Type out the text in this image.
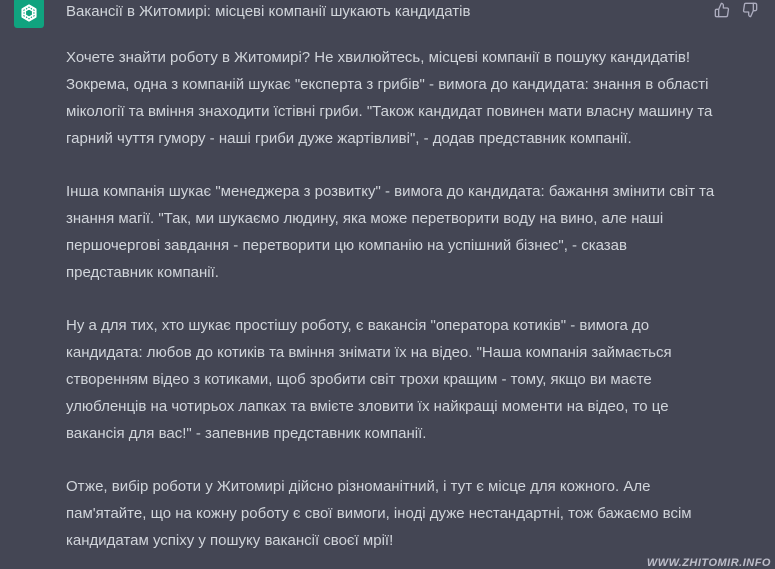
Вакансії в Житомирі: місцеві компанії шукають кандидатів

Хочете знайти роботу в Житомирі? Не хвилюйтесь, місцеві компанії в пошуку кандидатів! Зокрема, одна з компаній шукає "експерта з грибів" - вимога до кандидата: знання в області мікології та вміння знаходити їстівні гриби. "Також кандидат повинен мати власну машину та гарний чуття гумору - наші гриби дуже жартівливі", - додав представник компанії.

Інша компанія шукає "менеджера з розвитку" - вимога до кандидата: бажання змінити світ та знання магії. "Так, ми шукаємо людину, яка може перетворити воду на вино, але наші першочергові завдання - перетворити цю компанію на успішний бізнес", - сказав представник компанії.

Ну а для тих, хто шукає простішу роботу, є вакансія "оператора котиків" - вимога до кандидата: любов до котиків та вміння знімати їх на відео. "Наша компанія займається створенням відео з котиками, щоб зробити світ трохи кращим - тому, якщо ви маєте улюбленців на чотирьох лапках та вмієте зловити їх найкращі моменти на відео, то це вакансія для вас!" - запевнив представник компанії.

Отже, вибір роботи у Житомирі дійсно різноманітний, і тут є місце для кожного. Але пам'ятайте, що на кожну роботу є свої вимоги, іноді дуже нестандартні, тож бажаємо всім кандидатам успіху у пошуку вакансії своєї мрії!

WWW.ZHITOMIR.INFO
